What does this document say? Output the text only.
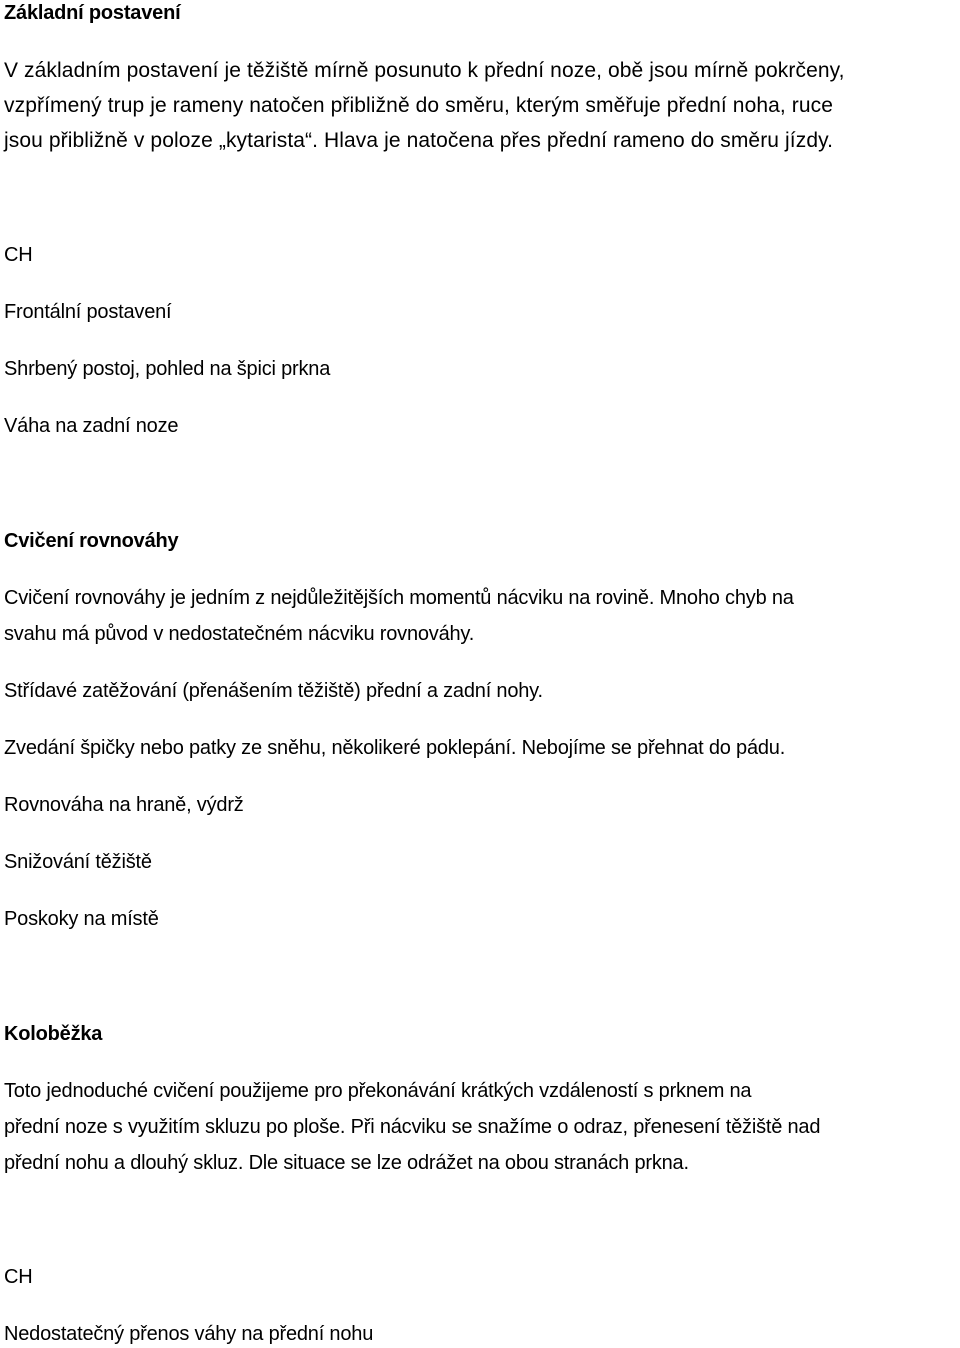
Základní postavení
V základním postavení je těžiště mírně posunuto k přední noze, obě jsou mírně pokrčeny,
vzpřímený trup je rameny natočen přibližně do směru, kterým směřuje přední noha, ruce
jsou přibližně v poloze „kytarista“. Hlava je natočena přes přední rameno do směru jízdy.
CH
Frontální postavení
Shrbený postoj, pohled na špici prkna
Váha na zadní noze
Cvičení rovnováhy
Cvičení rovnováhy je jedním z nejdůležitějších momentů nácviku na rovině. Mnoho chyb na
svahu má původ v nedostatečném nácviku rovnováhy.
Střídavé zatěžování (přenášením těžiště) přední a zadní nohy.
Zvedání špičky nebo patky ze sněhu, několikeré poklepání. Nebojíme se přehnat do pádu.
Rovnováha na hraně, výdrž
Snižování těžiště
Poskoky na místě
Koloběžka
Toto jednoduché cvičení použijeme pro překonávání krátkých vzdáleností s prknem na
přední noze s využitím skluzu po ploše. Při nácviku se snažíme o odraz, přenesení těžiště nad
přední nohu a dlouhý skluz. Dle situace se lze odrážet na obou stranách prkna.
CH
Nedostatečný přenos váhy na přední nohu
